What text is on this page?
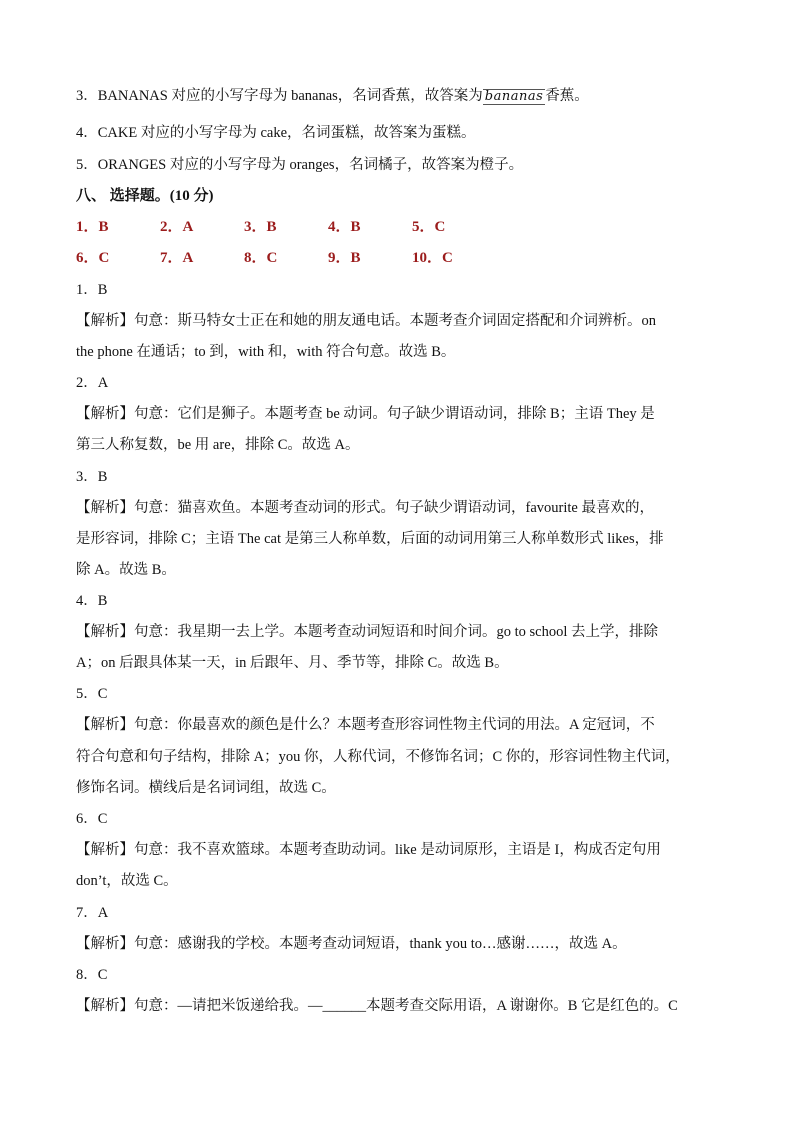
3．BANANAS 对应的小写字母为 bananas，名词香蕉，故答案为 bananas 香蕉。
4．CAKE 对应的小写字母为 cake，名词蛋糕，故答案为蛋糕。
5．ORANGES 对应的小写字母为 oranges，名词橘子，故答案为橙子。
八、 选择题。(10 分)
1．B	2．A	3．B	4．B	5．C
6．C	7．A	8．C	9．B	10．C
1．B
【解析】句意：斯马特女士正在和她的朋友通电话。本题考查介词固定搭配和介词辨析。on
the phone 在通话；to 到，with 和，with 符合句意。故选 B。
2．A
【解析】句意：它们是狮子。本题考查 be 动词。句子缺少谓语动词，排除 B；主语 They 是
第三人称复数，be 用 are，排除 C。故选 A。
3．B
【解析】句意：猫喜欢鱼。本题考查动词的形式。句子缺少谓语动词，favourite 最喜欢的，
是形容词，排除 C；主语 The cat 是第三人称单数，后面的动词用第三人称单数形式 likes，排
除 A。故选 B。
4．B
【解析】句意：我星期一去上学。本题考查动词短语和时间介词。go to school 去上学，排除
A；on 后跟具体某一天，in 后跟年、月、季节等，排除 C。故选 B。
5．C
【解析】句意：你最喜欢的颜色是什么？本题考查形容词性物主代词的用法。A 定冠词，不
符合句意和句子结构，排除 A；you 你，人称代词，不修饰名词；C 你的，形容词性物主代词，
修饰名词。横线后是名词词组，故选 C。
6．C
【解析】句意：我不喜欢篮球。本题考查助动词。like 是动词原形，主语是 I，构成否定句用
don’t，故选 C。
7．A
【解析】句意：感谢我的学校。本题考查动词短语，thank you to…感谢……，故选 A。
8．C
【解析】句意：—请把米饭递给我。—______本题考查交际用语，A 谢谢你。B 它是红色的。C
